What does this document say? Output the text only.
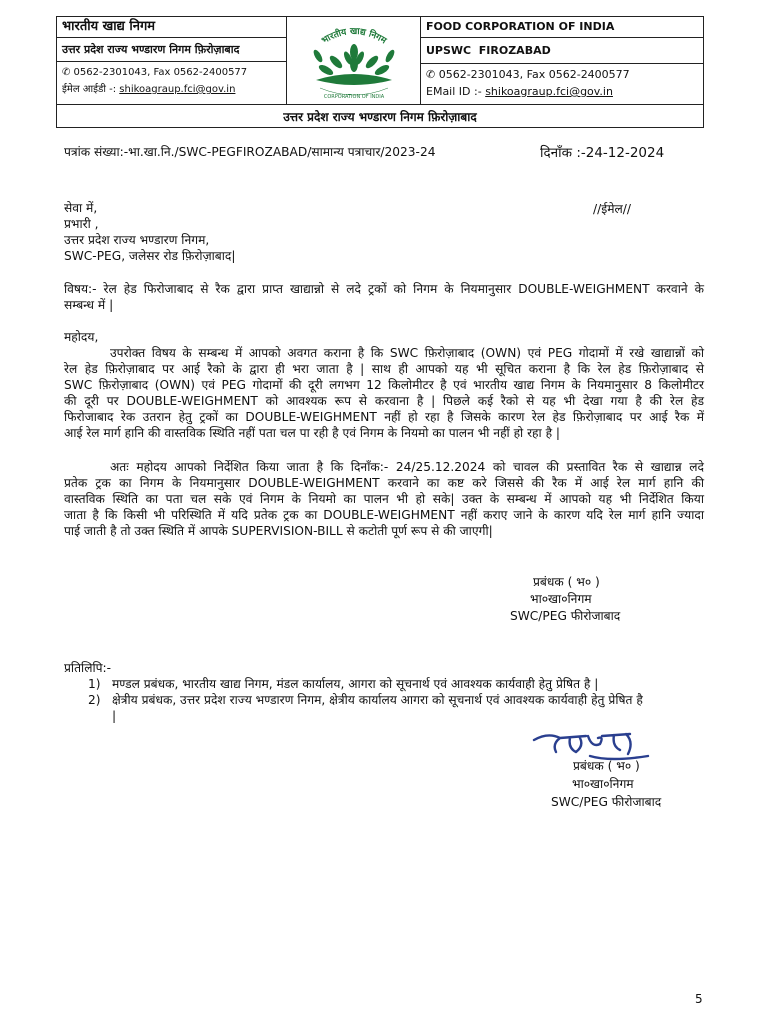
भारतीय खाद्य निगम
उत्तर प्रदेश राज्य भण्डारण निगम फ़िरोज़ाबाद
✆ 0562-2301043, Fax 0562-2400577
ईमेल आईडी -: shikoagraup.fci@gov.in
भारतीय खाद्य निगम
CORPORATION OF INDIA
FOOD CORPORATION OF INDIA
UPSWC  FIROZABAD
✆ 0562-2301043, Fax 0562-2400577
EMail ID :- shikoagraup.fci@gov.in
उत्तर प्रदेश राज्य भण्डारण निगम फ़िरोज़ाबाद
पत्रांक संख्या:-भा.खा.नि./SWC-PEGFIROZABAD/सामान्य पत्राचार/2023-24	दिनाँक :-24-12-2024
//ईमेल//
सेवा में,
प्रभारी ,
उत्तर प्रदेश राज्य भण्डारण निगम,
SWC-PEG, जलेसर रोड फ़िरोज़ाबाद|
विषय:- रेल हेड फिरोजाबाद से रैक द्वारा प्राप्त खाद्यान्नो से लदे ट्रकों को निगम के नियमानुसार DOUBLE-WEIGHMENT करवाने के
सम्बन्ध में |
महोदय,
उपरोक्त विषय के सम्बन्ध में आपको अवगत कराना है कि SWC फ़िरोज़ाबाद (OWN) एवं PEG गोदामों में रखे खाद्यान्नों को
रेल हेड फ़िरोज़ाबाद पर आई रैको के द्वारा ही भरा जाता है | साथ ही आपको यह भी सूचित कराना है कि रेल हेड फ़िरोज़ाबाद से
SWC फ़िरोज़ाबाद (OWN) एवं PEG गोदामों की दूरी लगभग 12 किलोमीटर है एवं भारतीय खाद्य निगम के नियमानुसार 8 किलोमीटर
की दूरी पर DOUBLE-WEIGHMENT को आवश्यक रूप से करवाना है | पिछले कई रैको से यह भी देखा गया है की रेल हेड
फिरोजाबाद रेक उतरान हेतु ट्रकों का DOUBLE-WEIGHMENT नहीं हो रहा है जिसके कारण रेल हेड फ़िरोज़ाबाद पर आई रैक में
आई रेल मार्ग हानि की वास्तविक स्थिति नहीं पता चल पा रही है एवं निगम के नियमो का पालन भी नहीं हो रहा है |
अतः महोदय आपको निर्देशित किया जाता है कि दिनाँक:- 24/25.12.2024 को चावल की प्रस्तावित रैक से खाद्यान्न लदे
प्रतेक ट्रक का निगम के नियमानुसार DOUBLE-WEIGHMENT करवाने का कष्ट करे जिससे की रैक में आई रेल मार्ग हानि की
वास्तविक स्थिति का पता चल सके एवं निगम के नियमो का पालन भी हो सके| उक्त के सम्बन्ध में आपको यह भी निर्देशित किया
जाता है कि किसी भी परिस्थिति में यदि प्रतेक ट्रक का DOUBLE-WEIGHMENT नहीं कराए जाने के कारण यदि रेल मार्ग हानि ज्यादा
पाई जाती है तो उक्त स्थिति में आपके SUPERVISION-BILL से कटोती पूर्ण रूप से की जाएगी|
प्रबंधक ( भ० )
भा०खा०निगम
SWC/PEG फीरोजाबाद
प्रतिलिपि:-
1) मण्डल प्रबंधक, भारतीय खाद्य निगम, मंडल कार्यालय, आगरा को सूचनार्थ एवं आवश्यक कार्यवाही हेतु प्रेषित है |
2) क्षेत्रीय प्रबंधक, उत्तर प्रदेश राज्य भण्डारण निगम, क्षेत्रीय कार्यालय आगरा को सूचनार्थ एवं आवश्यक कार्यवाही हेतु प्रेषित है
|
प्रबंधक ( भ० )
भा०खा०निगम
SWC/PEG फीरोजाबाद
5
